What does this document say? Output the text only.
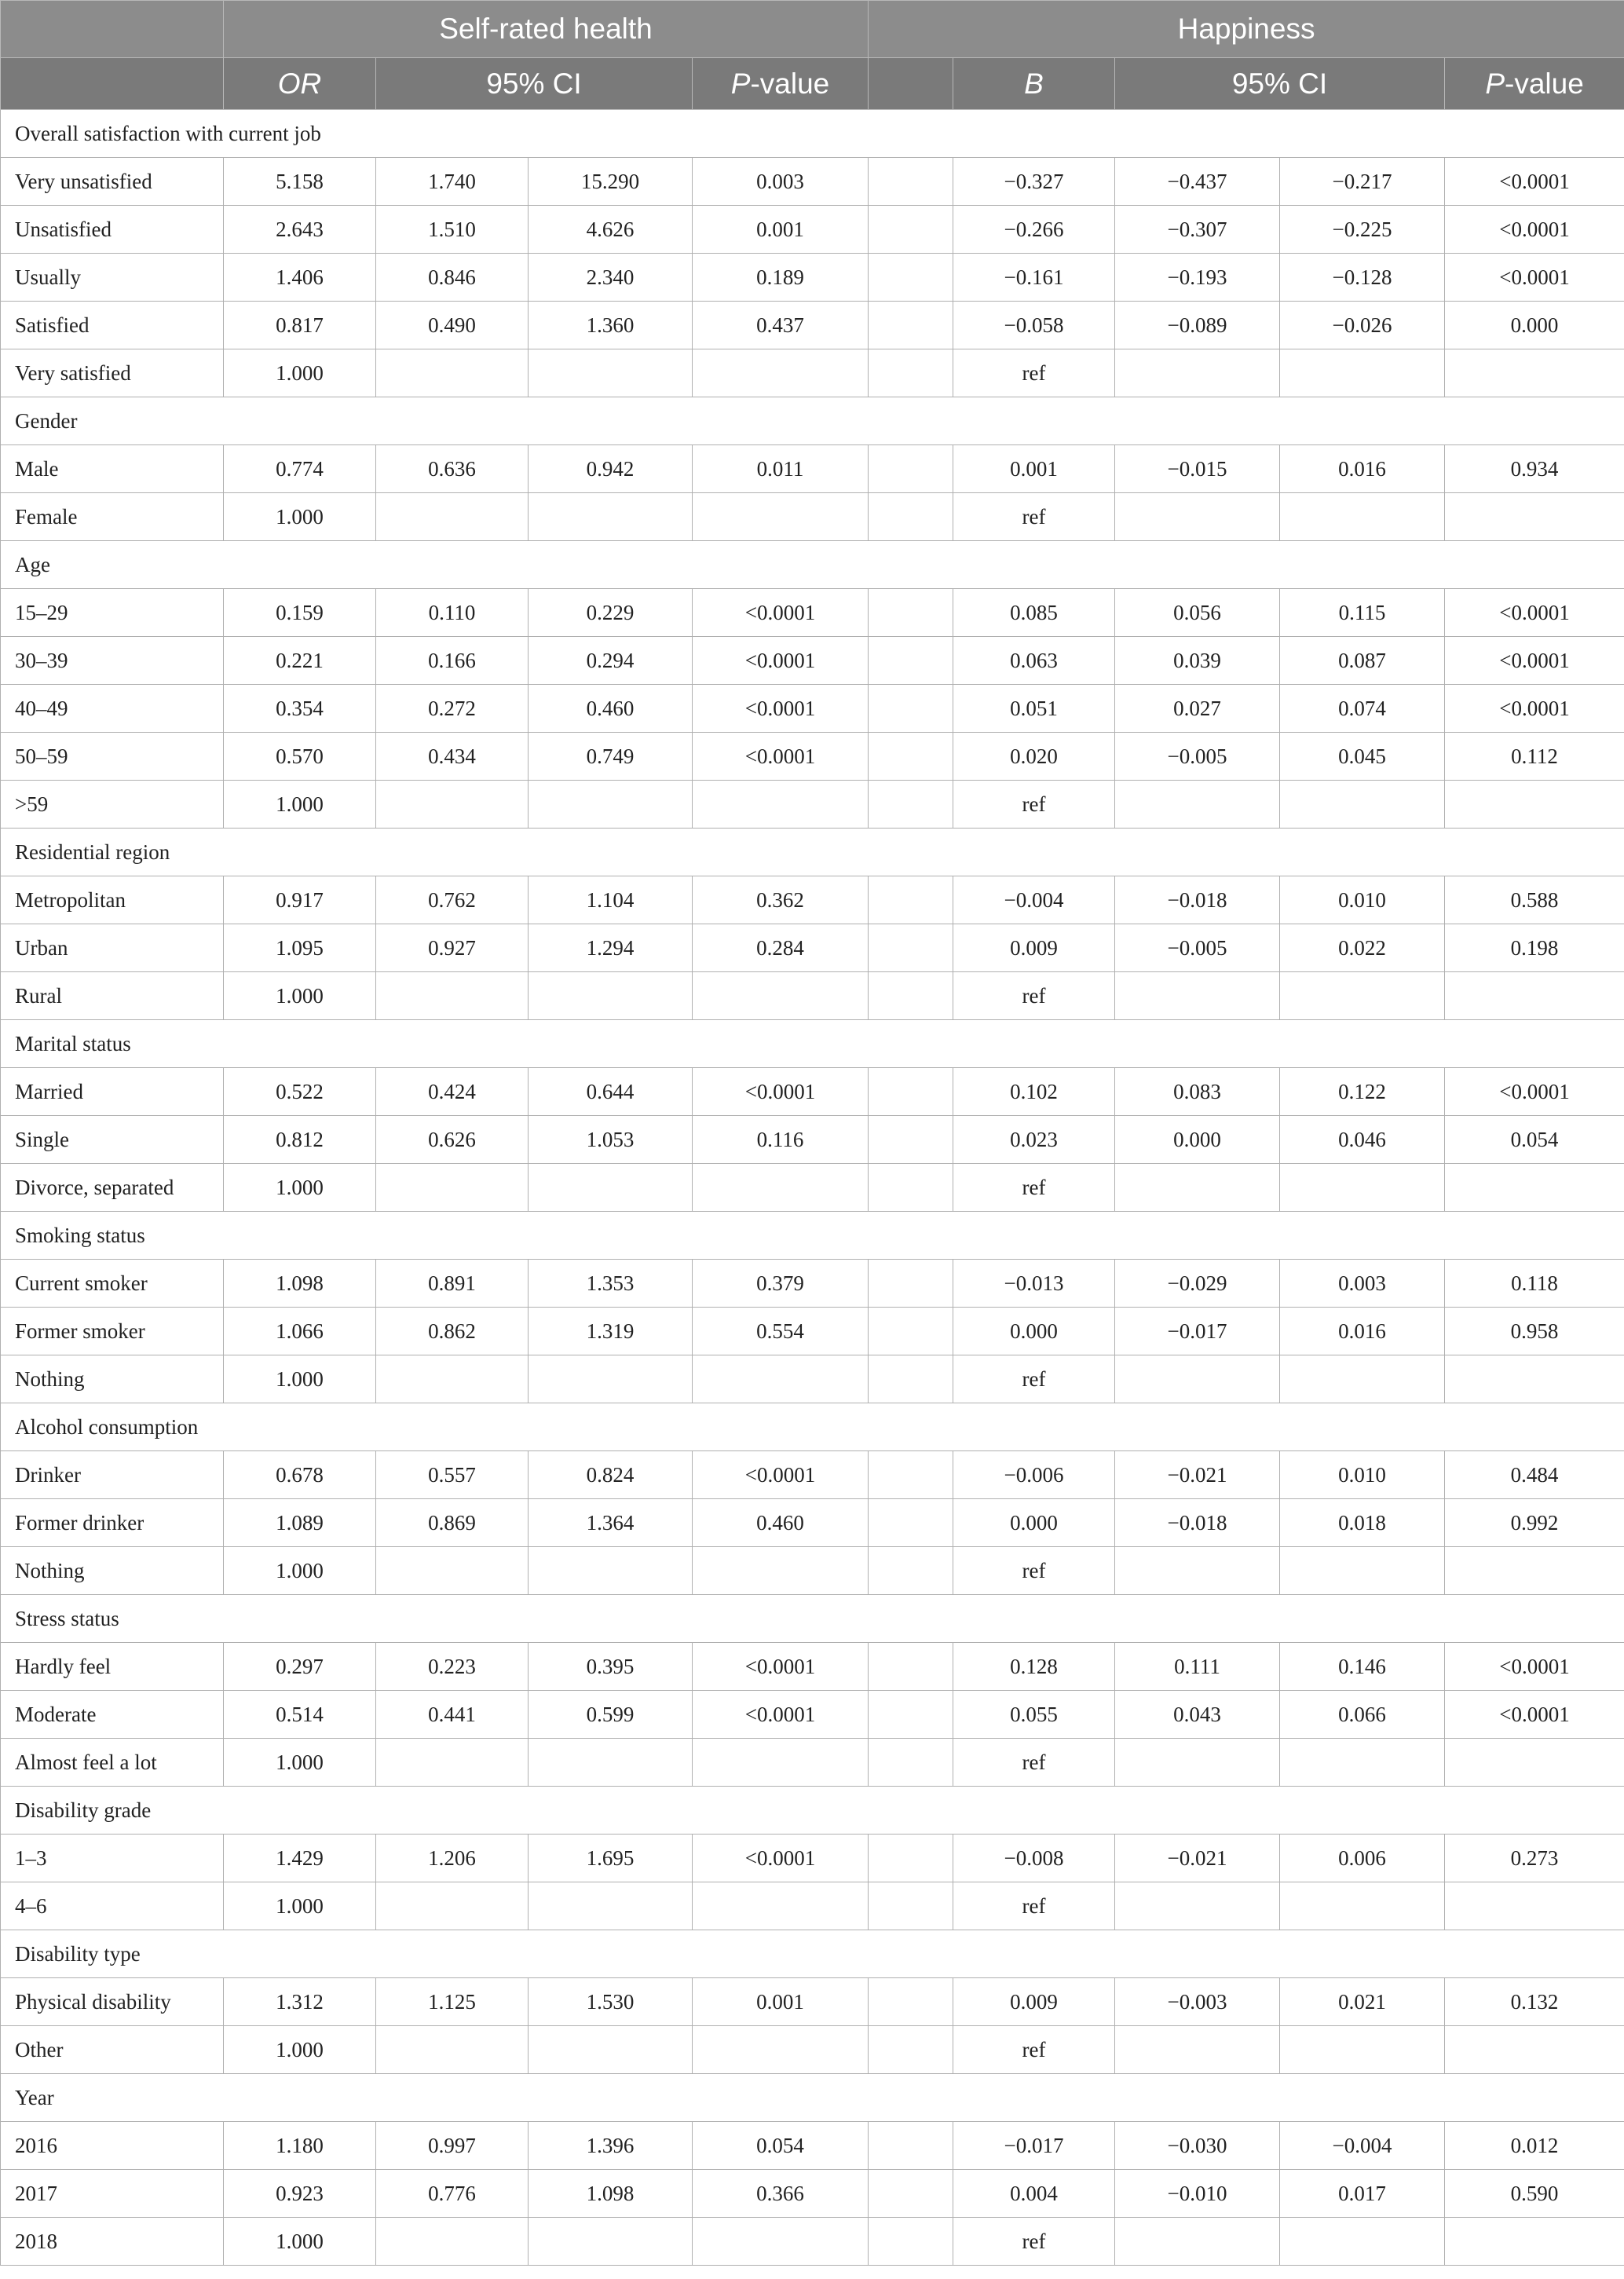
	Self-rated health				Happiness				
	OR	95% CI		P-value		B	95% CI		P-value
Overall satisfaction with current job									
Very unsatisfied	5.158	1.740	15.290	0.003		−0.327	−0.437	−0.217	<0.0001
Unsatisfied	2.643	1.510	4.626	0.001		−0.266	−0.307	−0.225	<0.0001
Usually	1.406	0.846	2.340	0.189		−0.161	−0.193	−0.128	<0.0001
Satisfied	0.817	0.490	1.360	0.437		−0.058	−0.089	−0.026	0.000
Very satisfied	1.000					ref			
Gender									
Male	0.774	0.636	0.942	0.011		0.001	−0.015	0.016	0.934
Female	1.000					ref			
Age									
15–29	0.159	0.110	0.229	<0.0001		0.085	0.056	0.115	<0.0001
30–39	0.221	0.166	0.294	<0.0001		0.063	0.039	0.087	<0.0001
40–49	0.354	0.272	0.460	<0.0001		0.051	0.027	0.074	<0.0001
50–59	0.570	0.434	0.749	<0.0001		0.020	−0.005	0.045	0.112
>59	1.000					ref			
Residential region									
Metropolitan	0.917	0.762	1.104	0.362		−0.004	−0.018	0.010	0.588
Urban	1.095	0.927	1.294	0.284		0.009	−0.005	0.022	0.198
Rural	1.000					ref			
Marital status									
Married	0.522	0.424	0.644	<0.0001		0.102	0.083	0.122	<0.0001
Single	0.812	0.626	1.053	0.116		0.023	0.000	0.046	0.054
Divorce, separated	1.000					ref			
Smoking status									
Current smoker	1.098	0.891	1.353	0.379		−0.013	−0.029	0.003	0.118
Former smoker	1.066	0.862	1.319	0.554		0.000	−0.017	0.016	0.958
Nothing	1.000					ref			
Alcohol consumption									
Drinker	0.678	0.557	0.824	<0.0001		−0.006	−0.021	0.010	0.484
Former drinker	1.089	0.869	1.364	0.460		0.000	−0.018	0.018	0.992
Nothing	1.000					ref			
Stress status									
Hardly feel	0.297	0.223	0.395	<0.0001		0.128	0.111	0.146	<0.0001
Moderate	0.514	0.441	0.599	<0.0001		0.055	0.043	0.066	<0.0001
Almost feel a lot	1.000					ref			
Disability grade									
1–3	1.429	1.206	1.695	<0.0001		−0.008	−0.021	0.006	0.273
4–6	1.000					ref			
Disability type									
Physical disability	1.312	1.125	1.530	0.001		0.009	−0.003	0.021	0.132
Other	1.000					ref			
Year									
2016	1.180	0.997	1.396	0.054		−0.017	−0.030	−0.004	0.012
2017	0.923	0.776	1.098	0.366		0.004	−0.010	0.017	0.590
2018	1.000					ref			
